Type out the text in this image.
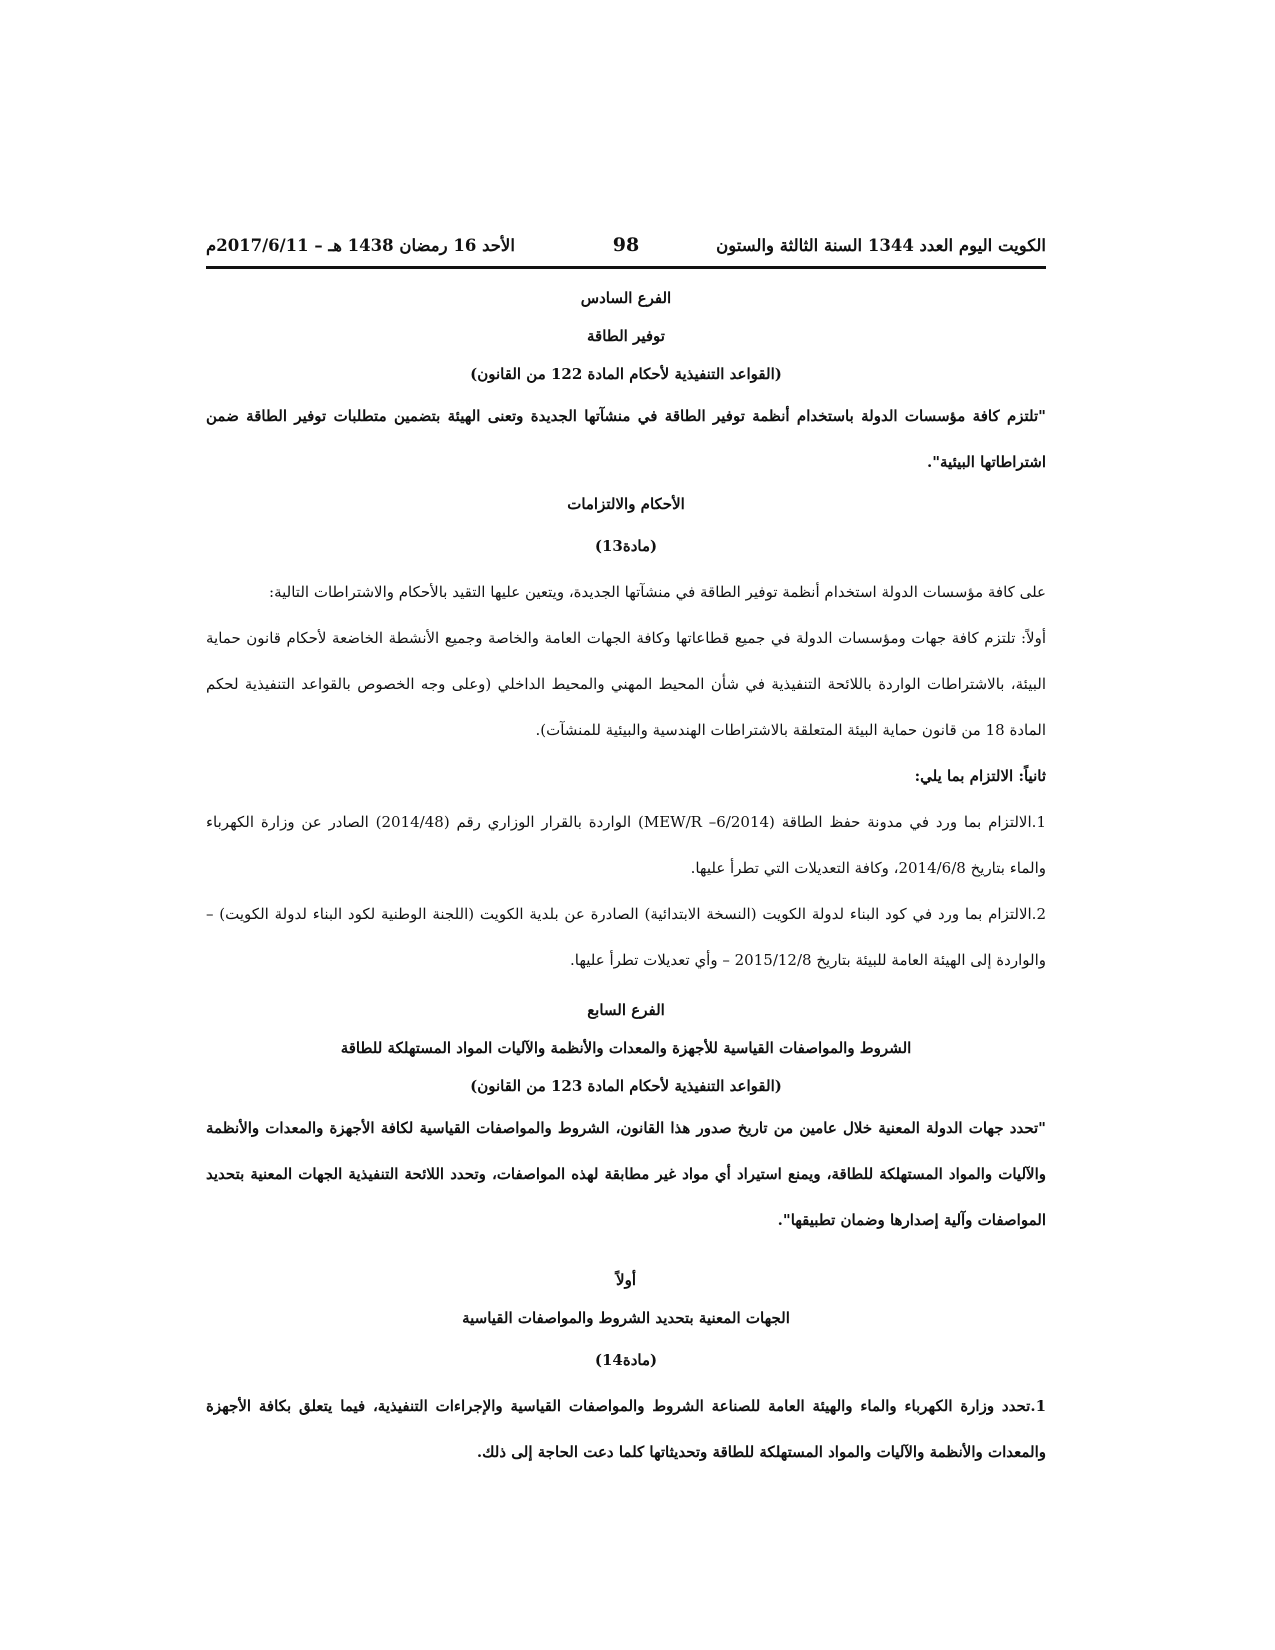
الأحد 16 رمضان 1438 هـ – 2017/6/11م	98	الكويت اليوم العدد 1344 السنة الثالثة والستون

الفرع السادس

توفير الطاقة

(القواعد التنفيذية لأحكام المادة 122 من القانون)

"تلتزم كافة مؤسسات الدولة باستخدام أنظمة توفير الطاقة في منشآتها الجديدة وتعنى الهيئة بتضمين متطلبات توفير الطاقة ضمن اشتراطاتها البيئية".

الأحكام والالتزامات

(مادة13)

على كافة مؤسسات الدولة استخدام أنظمة توفير الطاقة في منشآتها الجديدة، ويتعين عليها التقيد بالأحكام والاشتراطات التالية:

أولاً: تلتزم كافة جهات ومؤسسات الدولة في جميع قطاعاتها وكافة الجهات العامة والخاصة وجميع الأنشطة الخاضعة لأحكام قانون حماية البيئة، بالاشتراطات الواردة باللائحة التنفيذية في شأن المحيط المهني والمحيط الداخلي (وعلى وجه الخصوص بالقواعد التنفيذية لحكم المادة 18 من قانون حماية البيئة المتعلقة بالاشتراطات الهندسية والبيئية للمنشآت).

ثانياً: الالتزام بما يلي:

1.الالتزام بما ورد في مدونة حفظ الطاقة (MEW/R –6/2014) الواردة بالقرار الوزاري رقم (2014/48) الصادر عن وزارة الكهرباء والماء بتاريخ 2014/6/8، وكافة التعديلات التي تطرأ عليها.

2.الالتزام بما ورد في كود البناء لدولة الكويت (النسخة الابتدائية) الصادرة عن بلدية الكويت (اللجنة الوطنية لكود البناء لدولة الكويت) – والواردة إلى الهيئة العامة للبيئة بتاريخ 2015/12/8 – وأي تعديلات تطرأ عليها.

الفرع السابع

الشروط والمواصفات القياسية للأجهزة والمعدات والأنظمة والآليات المواد المستهلكة للطاقة

(القواعد التنفيذية لأحكام المادة 123 من القانون)

"تحدد جهات الدولة المعنية خلال عامين من تاريخ صدور هذا القانون، الشروط والمواصفات القياسية لكافة الأجهزة والمعدات والأنظمة والآليات والمواد المستهلكة للطاقة، ويمنع استيراد أي مواد غير مطابقة لهذه المواصفات، وتحدد اللائحة التنفيذية الجهات المعنية بتحديد المواصفات وآلية إصدارها وضمان تطبيقها".

أولاً

الجهات المعنية بتحديد الشروط والمواصفات القياسية

(مادة14)

1.تحدد وزارة الكهرباء والماء والهيئة العامة للصناعة الشروط والمواصفات القياسية والإجراءات التنفيذية، فيما يتعلق بكافة الأجهزة والمعدات والأنظمة والآليات والمواد المستهلكة للطاقة وتحديثاتها كلما دعت الحاجة إلى ذلك.
